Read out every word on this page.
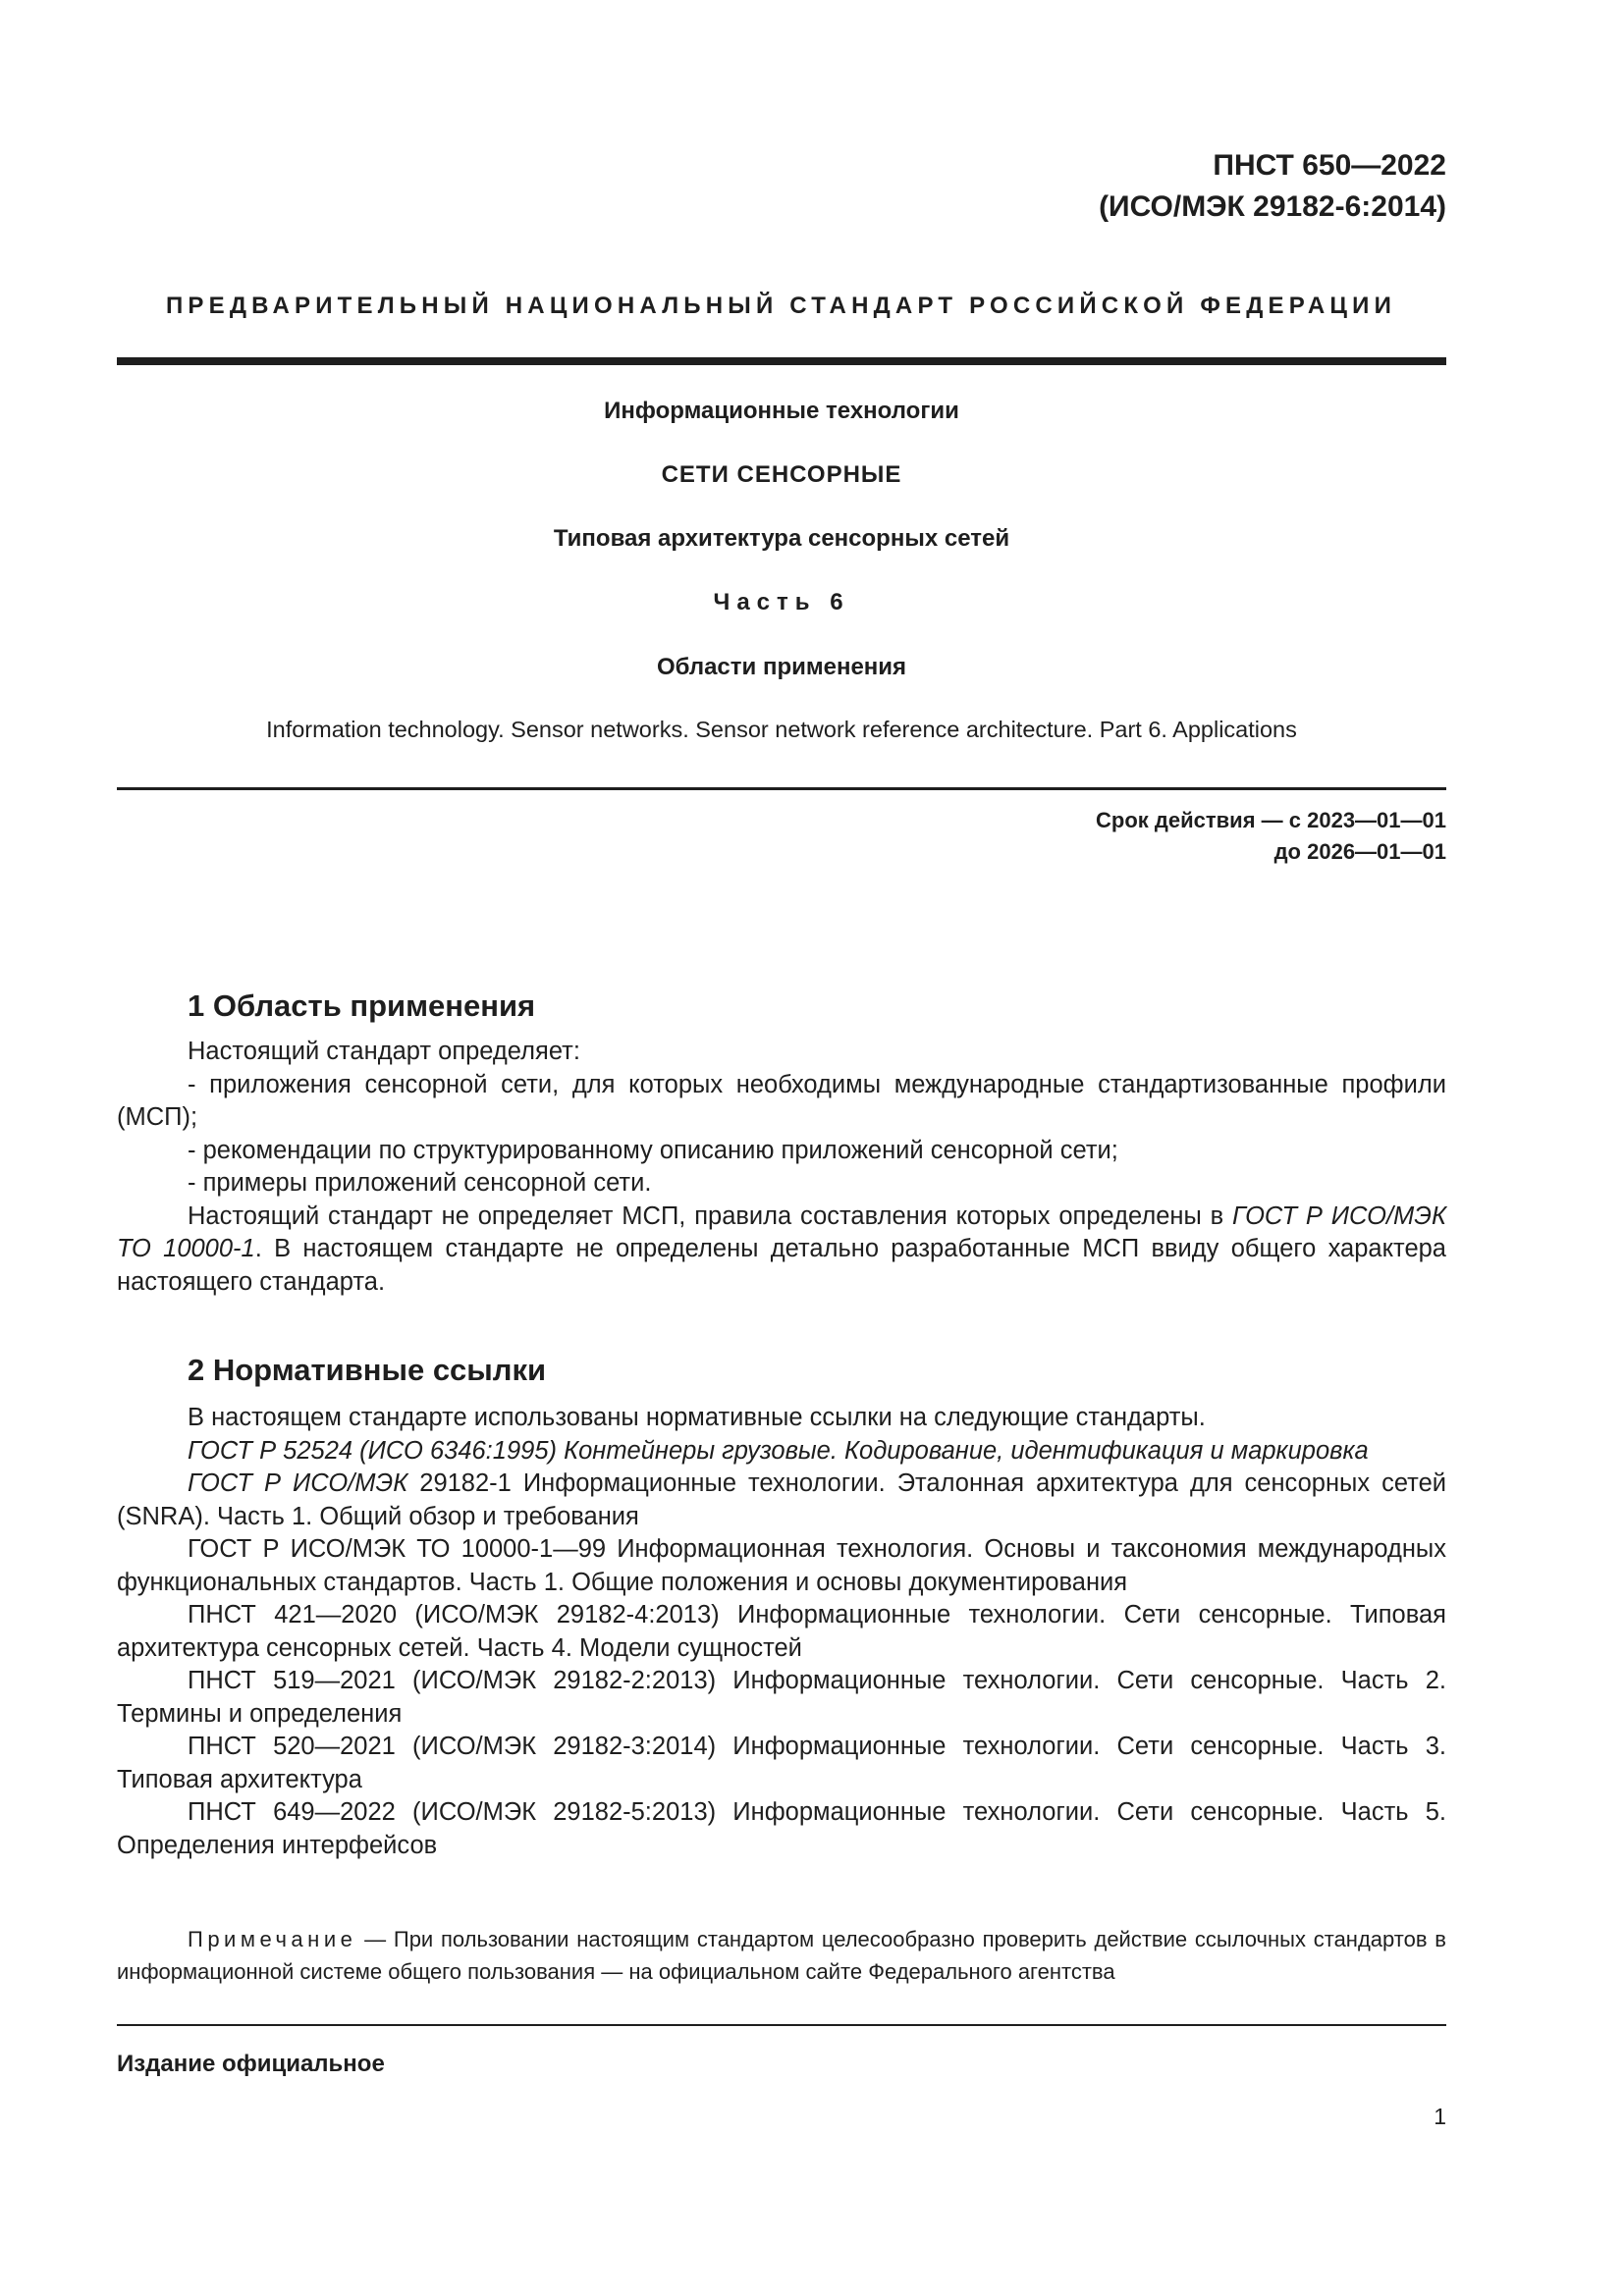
ПНСТ 650—2022
(ИСО/МЭК 29182-6:2014)
ПРЕДВАРИТЕЛЬНЫЙ НАЦИОНАЛЬНЫЙ СТАНДАРТ РОССИЙСКОЙ ФЕДЕРАЦИИ
Информационные технологии
СЕТИ СЕНСОРНЫЕ
Типовая архитектура сенсорных сетей
Часть 6
Области применения
Information technology. Sensor networks. Sensor network reference architecture. Part 6. Applications
Срок действия — с 2023—01—01
до 2026—01—01
1 Область применения

Настоящий стандарт определяет:

- приложения сенсорной сети, для которых необходимы международные стандартизованные профили (МСП);

- рекомендации по структурированному описанию приложений сенсорной сети;

- примеры приложений сенсорной сети.

Настоящий стандарт не определяет МСП, правила составления которых определены в ГОСТ Р ИСО/МЭК ТО 10000-1. В настоящем стандарте не определены детально разработанные МСП ввиду общего характера настоящего стандарта.

2 Нормативные ссылки

В настоящем стандарте использованы нормативные ссылки на следующие стандарты.

ГОСТ Р 52524 (ИСО 6346:1995) Контейнеры грузовые. Кодирование, идентификация и маркировка

ГОСТ Р ИСО/МЭК 29182-1 Информационные технологии. Эталонная архитектура для сенсорных сетей (SNRA). Часть 1. Общий обзор и требования

ГОСТ Р ИСО/МЭК ТО 10000-1—99 Информационная технология. Основы и таксономия международных функциональных стандартов. Часть 1. Общие положения и основы документирования

ПНСТ 421—2020 (ИСО/МЭК 29182-4:2013) Информационные технологии. Сети сенсорные. Типовая архитектура сенсорных сетей. Часть 4. Модели сущностей

ПНСТ 519—2021 (ИСО/МЭК 29182-2:2013) Информационные технологии. Сети сенсорные. Часть 2. Термины и определения

ПНСТ 520—2021 (ИСО/МЭК 29182-3:2014) Информационные технологии. Сети сенсорные. Часть 3. Типовая архитектура

ПНСТ 649—2022 (ИСО/МЭК 29182-5:2013) Информационные технологии. Сети сенсорные. Часть 5. Определения интерфейсов

Примечание — При пользовании настоящим стандартом целесообразно проверить действие ссылочных стандартов в информационной системе общего пользования — на официальном сайте Федерального агентства

Издание официальное
1
